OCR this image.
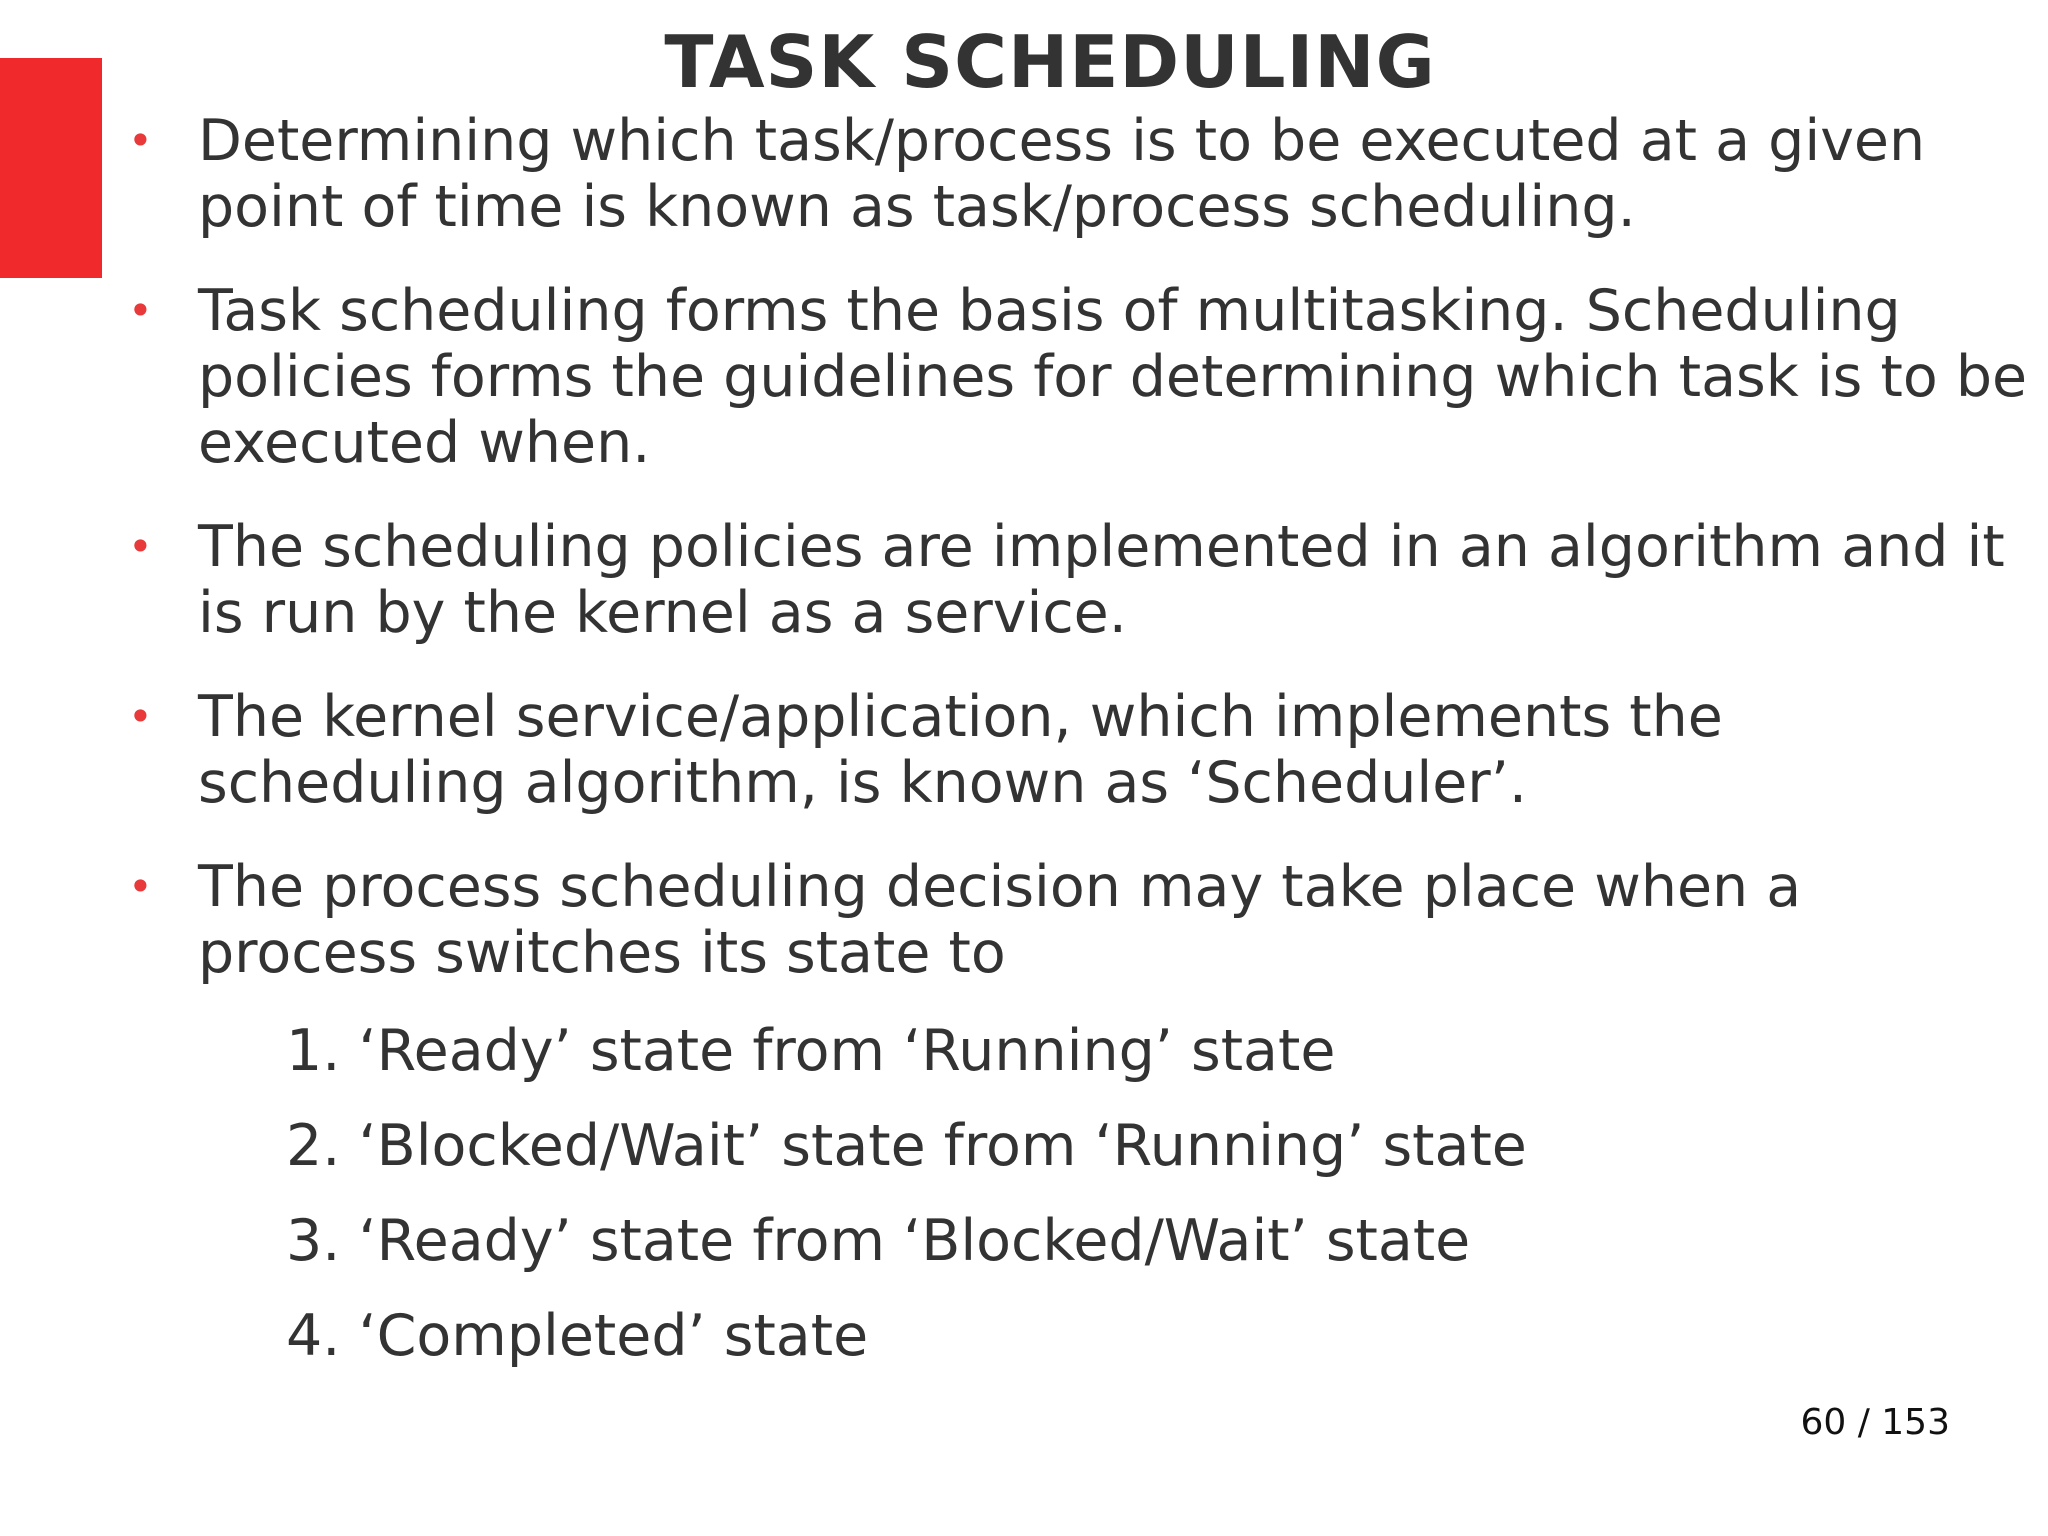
TASK SCHEDULING
• Determining which task/process is to be executed at a given point of time is known as task/process scheduling.
• Task scheduling forms the basis of multitasking. Scheduling policies forms the guidelines for determining which task is to be executed when.
• The scheduling policies are implemented in an algorithm and it is run by the kernel as a service.
• The kernel service/application, which implements the scheduling algorithm, is known as ‘Scheduler’.
• The process scheduling decision may take place when a process switches its state to
1. ‘Ready’ state from ‘Running’ state
2. ‘Blocked/Wait’ state from ‘Running’ state
3. ‘Ready’ state from ‘Blocked/Wait’ state
4. ‘Completed’ state
60 / 153
